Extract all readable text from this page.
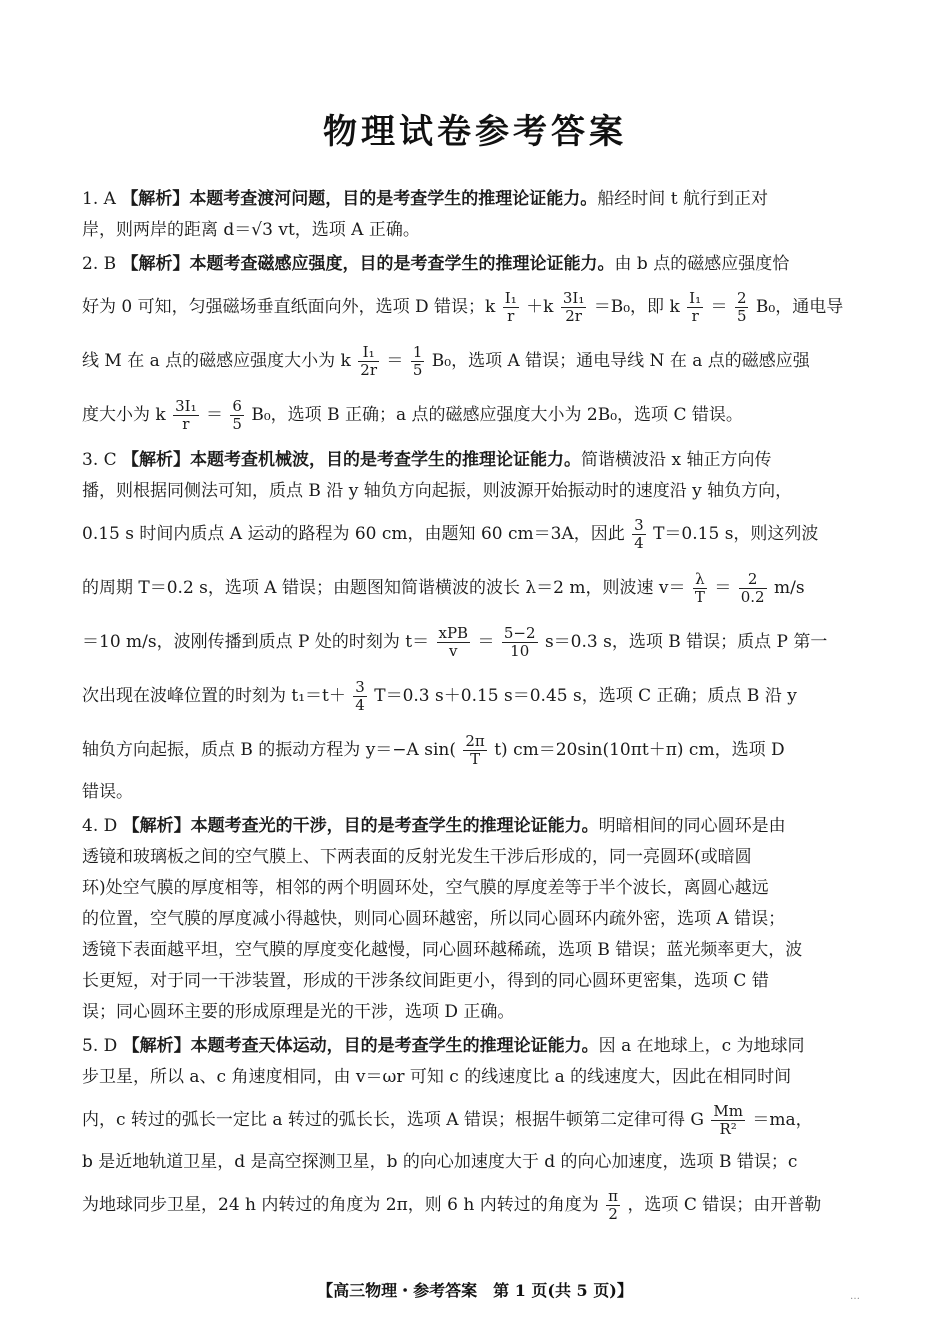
物理试卷参考答案
1. A 【解析】本题考查渡河问题，目的是考查学生的推理论证能力。船经时间 t 航行到正对
岸，则两岸的距离 d＝√3 vt，选项 A 正确。
2. B 【解析】本题考查磁感应强度，目的是考查学生的推理论证能力。由 b 点的磁感应强度恰
好为 0 可知，匀强磁场垂直纸面向外，选项 D 错误；k $\frac{\text{I₁}}{r} +k \frac{\text{3I₁}}{2r} =B_0$，即 k $\frac{\text{I₁}}{r} = \frac{2}{5} B_0$，通电导
线 M 在 a 点的磁感应强度大小为 k $\frac{\text{I₁}}{2r} = \frac{1}{5} B_0$，选项 A 错误；通电导线 N 在 a 点的磁感应强
度大小为 k $\frac{\text{3I₁}}{r} = \frac{6}{5} B_0$，选项 B 正确；a 点的磁感应强度大小为 2B₀，选项 C 错误。
3. C 【解析】本题考查机械波，目的是考查学生的推理论证能力。简谐横波沿 x 轴正方向传
播，则根据同侧法可知，质点 B 沿 y 轴负方向起振，则波源开始振动时的速度沿 y 轴负方向，
0.15 s 时间内质点 A 运动的路程为 60 cm，由题知 60 cm＝3A，因此 $\frac{3}{4} T=0.15$ s，则这列波
的周期 T＝0.2 s，选项 A 错误；由题图知简谐横波的波长 λ＝2 m，则波速 $v= \frac{\lambda}{T} = \frac{2}{0.2} m/s$
＝10 m/s，波刚传播到质点 P 处的时刻为 $t= \frac{\text{xPB}}{v} = \frac{5-2}{10} s=0.3$ s，选项 B 错误；质点 P 第一
次出现在波峰位置的时刻为 $t_1=t+ \frac{3}{4} T=0.3$ s＋0.15 s＝0.45 s，选项 C 正确；质点 B 沿 y
轴负方向起振，质点 B 的振动方程为 y＝−A $\sin( \frac{2\pi}{T} t)$ cm＝20sin(10πt＋π) cm，选项 D
错误。
4. D 【解析】本题考查光的干涉，目的是考查学生的推理论证能力。明暗相间的同心圆环是由
透镜和玻璃板之间的空气膜上、下两表面的反射光发生干涉后形成的，同一亮圆环(或暗圆
环)处空气膜的厚度相等，相邻的两个明圆环处，空气膜的厚度差等于半个波长，离圆心越远
的位置，空气膜的厚度减小得越快，则同心圆环越密，所以同心圆环内疏外密，选项 A 错误；
透镜下表面越平坦，空气膜的厚度变化越慢，同心圆环越稀疏，选项 B 错误；蓝光频率更大，波
长更短，对于同一干涉装置，形成的干涉条纹间距更小，得到的同心圆环更密集，选项 C 错
误；同心圆环主要的形成原理是光的干涉，选项 D 正确。
5. D 【解析】本题考查天体运动，目的是考查学生的推理论证能力。因 a 在地球上，c 为地球同
步卫星，所以 a、c 角速度相同，由 v＝ωr 可知 c 的线速度比 a 的线速度大，因此在相同时间
内，c 转过的弧长一定比 a 转过的弧长长，选项 A 错误；根据牛顿第二定律可得 G $\frac{Mm}{\text{R²}} =ma$，
b 是近地轨道卫星，d 是高空探测卫星，b 的向心加速度大于 d 的向心加速度，选项 B 错误；c
为地球同步卫星，24 h 内转过的角度为 2π，则 6 h 内转过的角度为 $\frac{\pi}{2}$ ，选项 C 错误；由开普勒
【高三物理・参考答案　第 1 页(共 5 页)】	…
